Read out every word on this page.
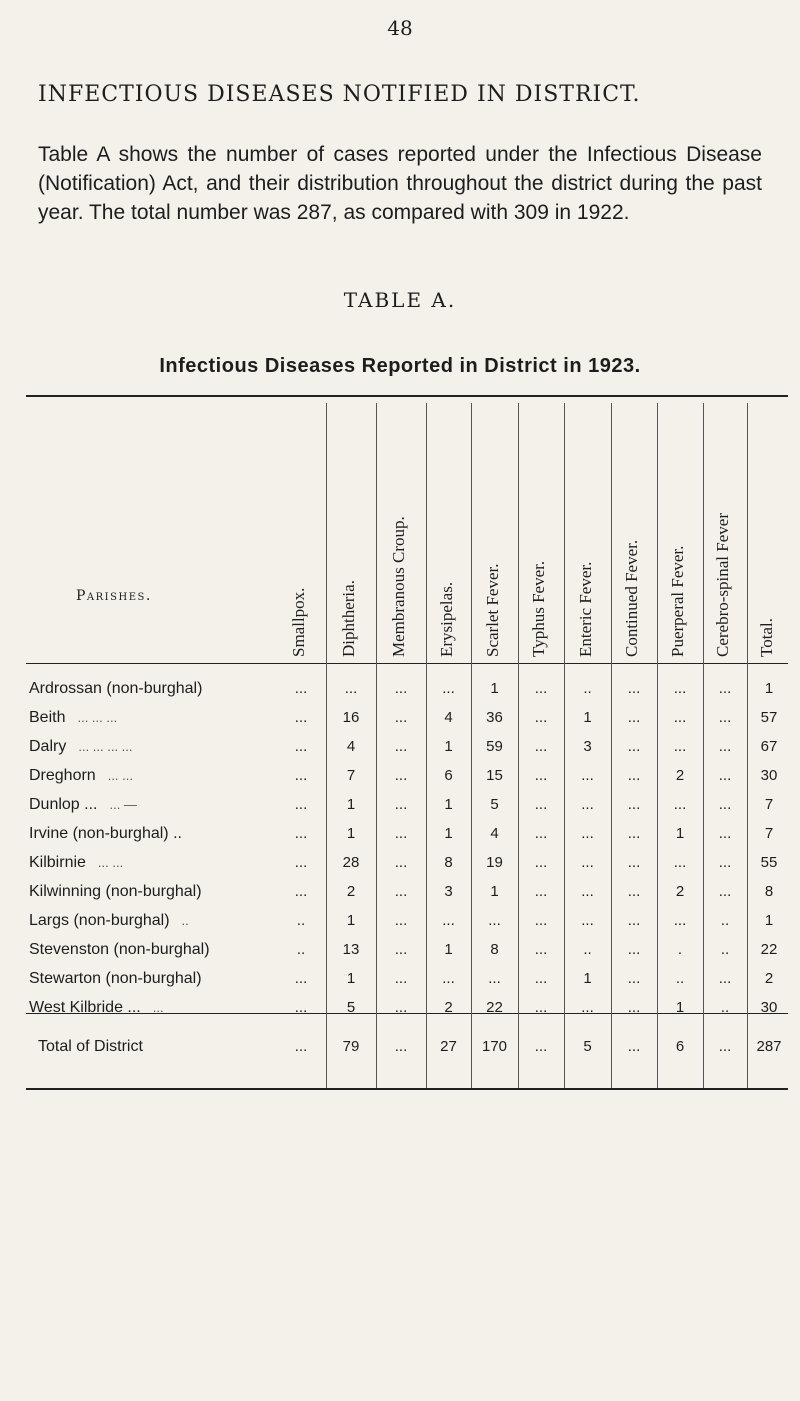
48
INFECTIOUS DISEASES NOTIFIED IN DISTRICT.
Table A shows the number of cases reported under the Infectious Disease (Notification) Act, and their distribution throughout the district during the past year. The total number was 287, as compared with 309 in 1922.
TABLE A.
Infectious Diseases Reported in District in 1923.
Parishes.	Smallpox. Diphtheria. Membranous Croup. Erysipelas. Scarlet Fever. Typhus Fever. Enteric Fever. Continued Fever. Puerperal Fever. Cerebro-spinal Fever Total.
Ardrossan (non-burghal)	...	...	...	...	1	...	..	...	...	...	1
Beith ... ... ...	...	16	...	4	36	...	1	...	...	...	57
Dalry ... ... ... ...	...	4	...	1	59	...	3	...	...	...	67
Dreghorn ... ...	...	7	...	6	15	...	...	...	2	...	30
Dunlop ... ... —	...	1	...	1	5	...	...	...	...	...	7
Irvine (non-burghal) ..	...	1	...	1	4	...	...	...	1	...	7
Kilbirnie ... ...	...	28	...	8	19	...	...	...	...	...	55
Kilwinning (non-burghal)	...	2	...	3	1	...	...	...	2	...	8
Largs (non-burghal) ..	..	1	...	...	...	...	...	...	...	..	1
Stevenston (non-burghal)	..	13	...	1	8	...	..	...	.	..	22
Stewarton (non-burghal)	...	1	...	...	...	...	1	...	..	...	2
West Kilbride ... ...	...	5	...	2	22	...	...	...	1	..	30
Total of District	...	79	...	27	170	...	5	...	6	...	287
